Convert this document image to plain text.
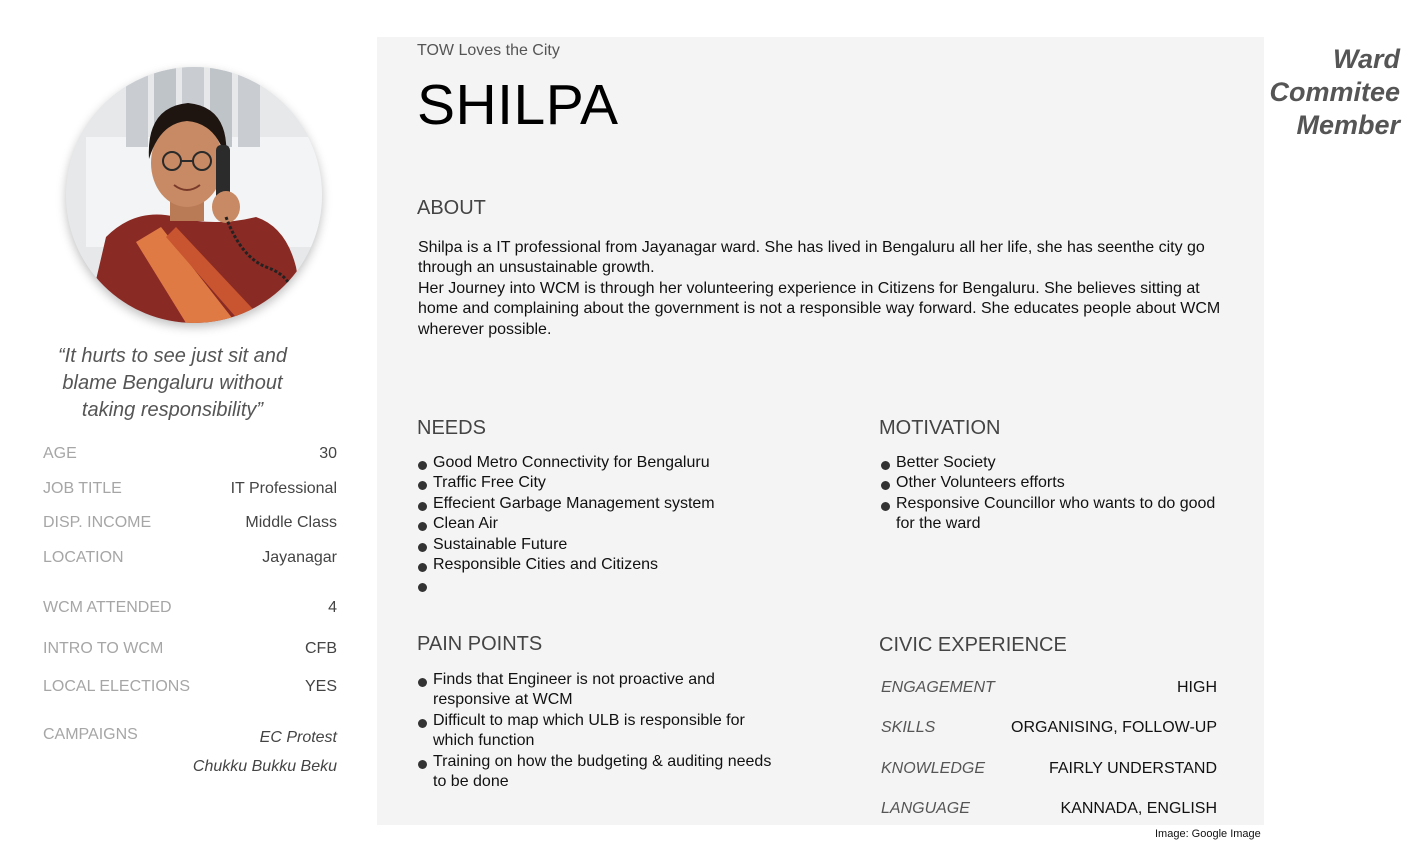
“It hurts to see just sit and blame Bengaluru without taking responsibility”
AGE	30
JOB TITLE	IT Professional
DISP. INCOME	Middle Class
LOCATION	Jayanagar
WCM ATTENDED	4
INTRO TO WCM	CFB
LOCAL ELECTIONS	YES
CAMPAIGNS	EC Protest
Chukku Bukku Beku
TOW Loves the City
SHILPA
ABOUT

Shilpa is a IT professional from Jayanagar ward. She has lived in Bengaluru all her life, she has seenthe city go through an unsustainable growth.

Her Journey into WCM is through her volunteering experience in Citizens for Bengaluru. She believes sitting at home and complaining about the government is not a responsible way forward. She educates people about WCM wherever possible.

NEEDS
Good Metro Connectivity for Bengaluru
Traffic Free City
Effecient Garbage Management system
Clean Air
Sustainable Future
Responsible Cities and Citizens
MOTIVATION
Better Society
Other Volunteers efforts
Responsive Councillor who wants to do good for the ward
PAIN POINTS
Finds that Engineer is not proactive and responsive at WCM
Difficult to map which ULB is responsible for which function
Training on how the budgeting & auditing needs to be done
CIVIC EXPERIENCE
ENGAGEMENT	HIGH
SKILLS	ORGANISING, FOLLOW-UP
KNOWLEDGE	FAIRLY UNDERSTAND
LANGUAGE	KANNADA, ENGLISH
Ward Commitee Member
Image: Google Image
